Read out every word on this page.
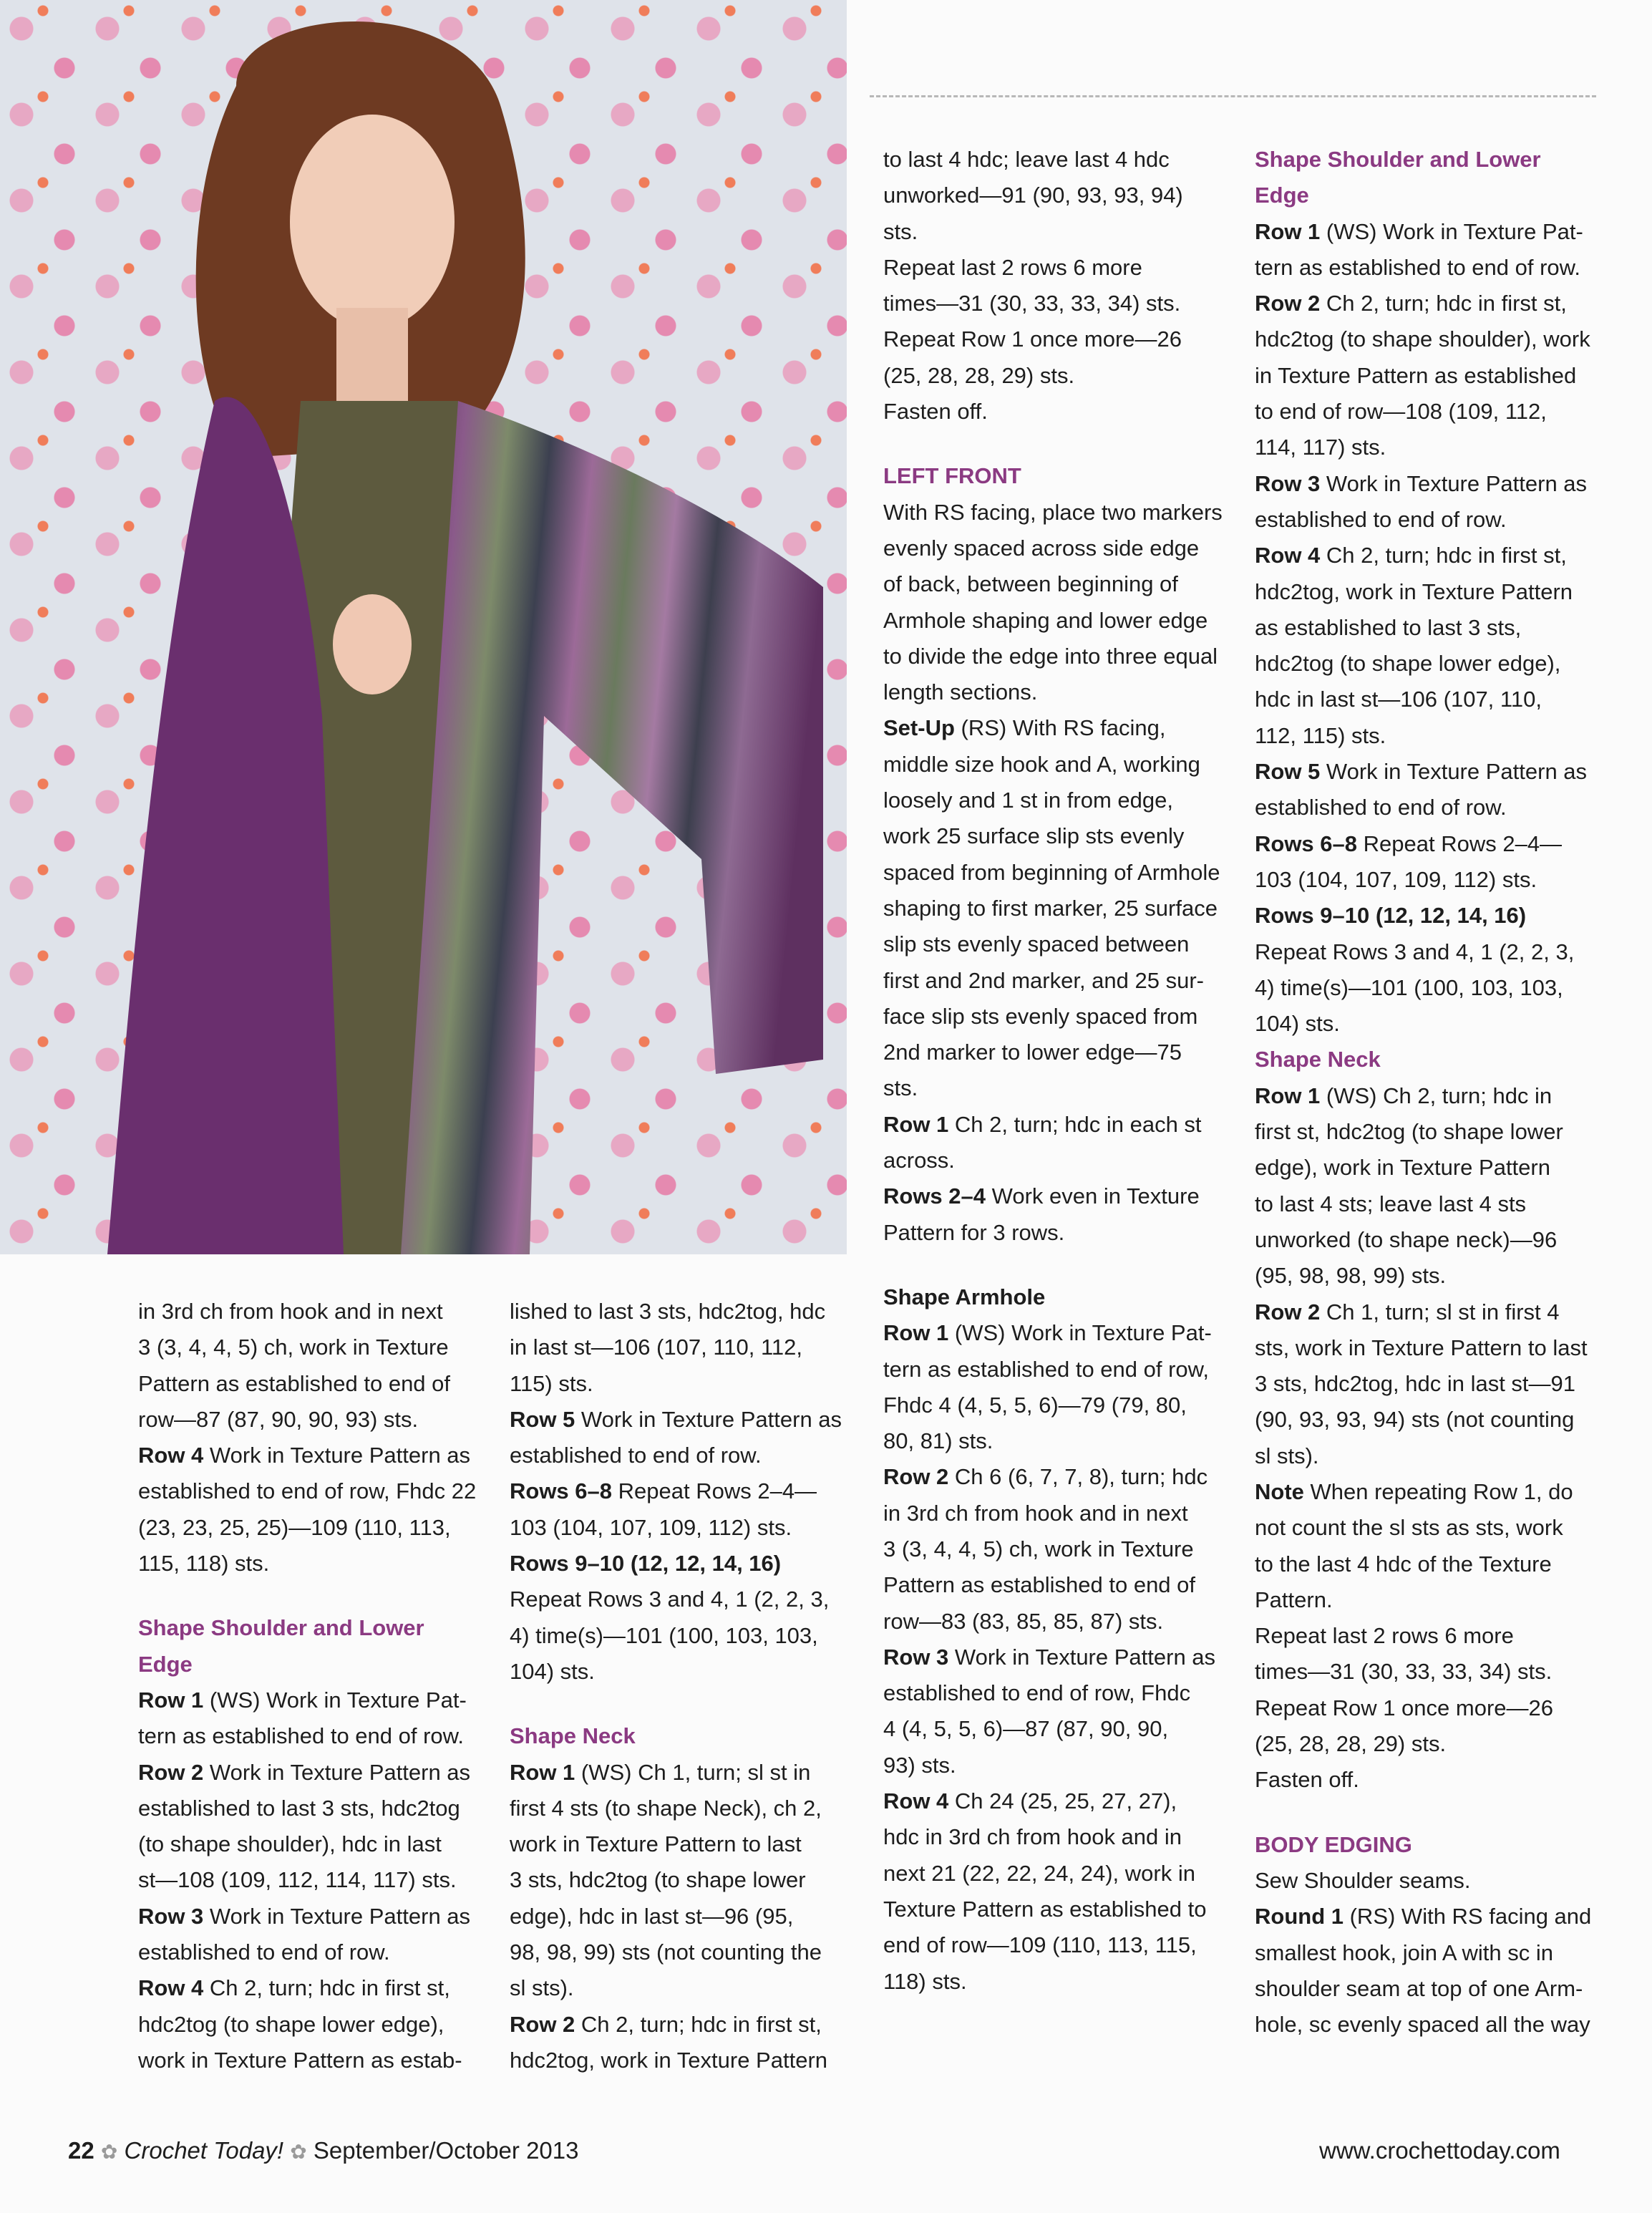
in 3rd ch from hook and in next

3 (3, 4, 4, 5) ch, work in Texture

Pattern as established to end of

row—87 (87, 90, 90, 93) sts.

Row 4 Work in Texture Pattern as

established to end of row, Fhdc 22

(23, 23, 25, 25)—109 (110, 113,

115, 118) sts.

Shape Shoulder and Lower

Edge

Row 1 (WS) Work in Texture Pat-

tern as established to end of row.

Row 2 Work in Texture Pattern as

established to last 3 sts, hdc2tog

(to shape shoulder), hdc in last

st—108 (109, 112, 114, 117) sts.

Row 3 Work in Texture Pattern as

established to end of row.

Row 4 Ch 2, turn; hdc in first st,

hdc2tog (to shape lower edge),

work in Texture Pattern as estab-

lished to last 3 sts, hdc2tog, hdc

in last st—106 (107, 110, 112,

115) sts.

Row 5 Work in Texture Pattern as

established to end of row.

Rows 6–8 Repeat Rows 2–4—

103 (104, 107, 109, 112) sts.

Rows 9–10 (12, 12, 14, 16)

Repeat Rows 3 and 4, 1 (2, 2, 3,

4) time(s)—101 (100, 103, 103,

104) sts.

Shape Neck

Row 1 (WS) Ch 1, turn; sl st in

first 4 sts (to shape Neck), ch 2,

work in Texture Pattern to last

3 sts, hdc2tog (to shape lower

edge), hdc in last st—96 (95,

98, 98, 99) sts (not counting the

sl sts).

Row 2 Ch 2, turn; hdc in first st,

hdc2tog, work in Texture Pattern

to last 4 hdc; leave last 4 hdc

unworked—91 (90, 93, 93, 94)

sts.

Repeat last 2 rows 6 more

times—31 (30, 33, 33, 34) sts.

Repeat Row 1 once more—26

(25, 28, 28, 29) sts.

Fasten off.

LEFT FRONT

With RS facing, place two markers

evenly spaced across side edge

of back, between beginning of

Armhole shaping and lower edge

to divide the edge into three equal

length sections.

Set-Up (RS) With RS facing,

middle size hook and A, working

loosely and 1 st in from edge,

work 25 surface slip sts evenly

spaced from beginning of Armhole

shaping to first marker, 25 surface

slip sts evenly spaced between

first and 2nd marker, and 25 sur-

face slip sts evenly spaced from

2nd marker to lower edge—75

sts.

Row 1 Ch 2, turn; hdc in each st

across.

Rows 2–4 Work even in Texture

Pattern for 3 rows.

Shape Armhole

Row 1 (WS) Work in Texture Pat-

tern as established to end of row,

Fhdc 4 (4, 5, 5, 6)—79 (79, 80,

80, 81) sts.

Row 2 Ch 6 (6, 7, 7, 8), turn; hdc

in 3rd ch from hook and in next

3 (3, 4, 4, 5) ch, work in Texture

Pattern as established to end of

row—83 (83, 85, 85, 87) sts.

Row 3 Work in Texture Pattern as

established to end of row, Fhdc

4 (4, 5, 5, 6)—87 (87, 90, 90,

93) sts.

Row 4 Ch 24 (25, 25, 27, 27),

hdc in 3rd ch from hook and in

next 21 (22, 22, 24, 24), work in

Texture Pattern as established to

end of row—109 (110, 113, 115,

118) sts.

Shape Shoulder and Lower

Edge

Row 1 (WS) Work in Texture Pat-

tern as established to end of row.

Row 2 Ch 2, turn; hdc in first st,

hdc2tog (to shape shoulder), work

in Texture Pattern as established

to end of row—108 (109, 112,

114, 117) sts.

Row 3 Work in Texture Pattern as

established to end of row.

Row 4 Ch 2, turn; hdc in first st,

hdc2tog, work in Texture Pattern

as established to last 3 sts,

hdc2tog (to shape lower edge),

hdc in last st—106 (107, 110,

112, 115) sts.

Row 5 Work in Texture Pattern as

established to end of row.

Rows 6–8 Repeat Rows 2–4—

103 (104, 107, 109, 112) sts.

Rows 9–10 (12, 12, 14, 16)

Repeat Rows 3 and 4, 1 (2, 2, 3,

4) time(s)—101 (100, 103, 103,

104) sts.

Shape Neck

Row 1 (WS) Ch 2, turn; hdc in

first st, hdc2tog (to shape lower

edge), work in Texture Pattern

to last 4 sts; leave last 4 sts

unworked (to shape neck)—96

(95, 98, 98, 99) sts.

Row 2 Ch 1, turn; sl st in first 4

sts, work in Texture Pattern to last

3 sts, hdc2tog, hdc in last st—91

(90, 93, 93, 94) sts (not counting

sl sts).

Note When repeating Row 1, do

not count the sl sts as sts, work

to the last 4 hdc of the Texture

Pattern.

Repeat last 2 rows 6 more

times—31 (30, 33, 33, 34) sts.

Repeat Row 1 once more—26

(25, 28, 28, 29) sts.

Fasten off.

BODY EDGING

Sew Shoulder seams.

Round 1 (RS) With RS facing and

smallest hook, join A with sc in

shoulder seam at top of one Arm-

hole, sc evenly spaced all the way

22 ✿ Crochet Today! ✿ September/October 2013	www.crochettoday.com
